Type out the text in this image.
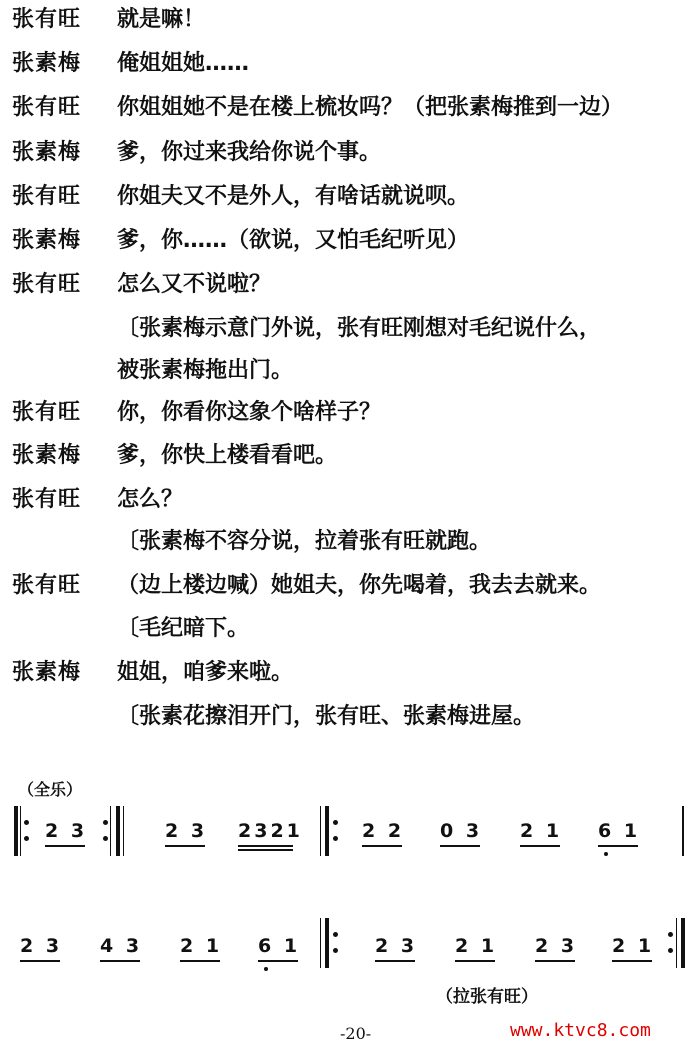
张有旺	就是嘛！
张素梅	俺姐姐她……
张有旺	你姐姐她不是在楼上梳妆吗？（把张素梅推到一边）
张素梅	爹，你过来我给你说个事。
张有旺	你姐夫又不是外人，有啥话就说呗。
张素梅	爹，你……（欲说，又怕毛纪听见）
张有旺	怎么又不说啦？
〔张素梅示意门外说，张有旺刚想对毛纪说什么，
被张素梅拖出门。
张有旺	你，你看你这象个啥样子？
张素梅	爹，你快上楼看看吧。
张有旺	怎么？
〔张素梅不容分说，拉着张有旺就跑。
张有旺	（边上楼边喊）她姐夫，你先喝着，我去去就来。
〔毛纪暗下。
张素梅	姐姐，咱爹来啦。
〔张素花擦泪开门，张有旺、张素梅进屋。
（全乐）
2 3	2 3 2321	2 2 0 3 2 1 6 1
2 3 4 3 2 1 6 1	2 3 2 1 2 3 2 1
（拉张有旺）
-20-	www.ktvc8.com
